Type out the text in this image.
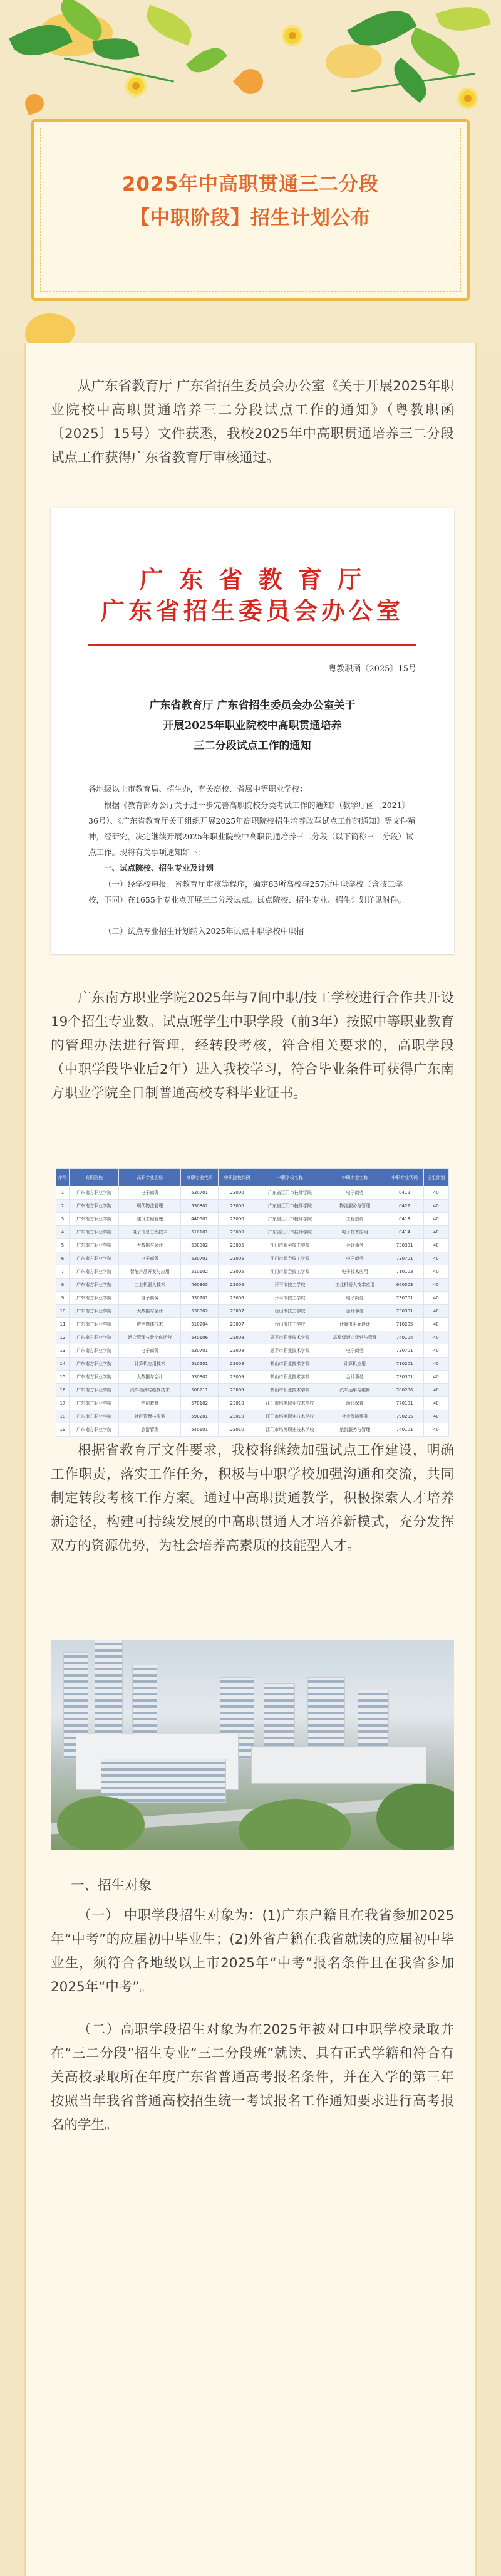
2025年中高职贯通三二分段
【中职阶段】招生计划公布

从广东省教育厅 广东省招生委员会办公室《关于开展2025年职业院校中高职贯通培养三二分段试点工作的通知》（粤教职函〔2025〕15号）文件获悉，我校2025年中高职贯通培养三二分段试点工作获得广东省教育厅审核通过。

广 东 省 教 育 厅
广东省招生委员会办公室
粤教职函〔2025〕15号
广东省教育厅 广东省招生委员会办公室关于
开展2025年职业院校中高职贯通培养
三二分段试点工作的通知
各地级以上市教育局、招生办，有关高校、省属中等职业学校：
根据《教育部办公厅关于进一步完善高职院校分类考试工作的通知》（教学厅函〔2021〕36号）、《广东省教育厅关于组织开展2025年高职院校招生培养改革试点工作的通知》等文件精神，经研究，决定继续开展2025年职业院校中高职贯通培养三二分段（以下简称三二分段）试点工作。现将有关事项通知如下：
一、试点院校、招生专业及计划
（一）经学校申报、省教育厅审核等程序，确定83所高校与257所中职学校（含技工学校，下同）在1655个专业点开展三二分段试点。试点院校、招生专业、招生计划详见附件。
（二）试点专业招生计划纳入2025年试点中职学校中职招

广东南方职业学院2025年与7间中职/技工学校进行合作共开设19个招生专业数。试点班学生中职学段（前3年）按照中等职业教育的管理办法进行管理，经转段考核，符合相关要求的，高职学段（中职学段毕业后2年）进入我校学习，符合毕业条件可获得广东南方职业学院全日制普通高校专科毕业证书。

序号	高职院校	高职专业名称	高职专业代码	中职院校代码	中职学校名称	中职专业名称	中职专业代码	招生计划
1	广东南方职业学院	电子商务	530701	23000	广东省江门市技师学院	电子商务	0412	40
2	广东南方职业学院	现代物流管理	530802	23000	广东省江门市技师学院	物流服务与管理	0422	40
3	广东南方职业学院	建设工程管理	440501	23000	广东省江门市技师学院	工程造价	0413	40
4	广东南方职业学院	电子信息工程技术	510101	23000	广东省江门市技师学院	电子技术应用	0414	40
5	广东南方职业学院	大数据与会计	530302	23005	江门市新会技工学校	会计事务	730301	40
6	广东南方职业学院	电子商务	530701	23005	江门市新会技工学校	电子商务	730701	40
7	广东南方职业学院	智能产品开发与应用	510102	23005	江门市新会技工学校	电子技术应用	710103	40
8	广东南方职业学院	工业机器人技术	460305	23006	开平市技工学校	工业机器人技术应用	660303	40
9	广东南方职业学院	电子商务	530701	23006	开平市技工学校	电子商务	730701	40
10	广东南方职业学院	大数据与会计	530302	23007	台山市技工学校	会计事务	730301	40
11	广东南方职业学院	数字媒体技术	510204	23007	台山市技工学校	计算机平面设计	710205	40
12	广东南方职业学院	酒店管理与数字化运营	540106	23008	恩平市职业技术学校	高星级饭店运营与管理	740104	40
13	广东南方职业学院	电子商务	530701	23008	恩平市职业技术学校	电子商务	730701	40
14	广东南方职业学院	计算机应用技术	510201	23009	鹤山市职业技术学校	计算机应用	710201	40
15	广东南方职业学院	大数据与会计	530302	23009	鹤山市职业技术学校	会计事务	730301	40
16	广东南方职业学院	汽车检测与维修技术	500211	23009	鹤山市职业技术学校	汽车运用与维修	700206	40
17	广东南方职业学院	学前教育	570102	23010	江门市培英职业技术学校	幼儿保育	770101	40
18	广东南方职业学院	社区管理与服务	590201	23010	江门市培英职业技术学校	社会保障事务	790205	40
19	广东南方职业学院	旅游管理	540101	23010	江门市培英职业技术学校	旅游服务与管理	740101	40

根据省教育厅文件要求，我校将继续加强试点工作建设，明确工作职责，落实工作任务，积极与中职学校加强沟通和交流，共同制定转段考核工作方案。通过中高职贯通教学，积极探索人才培养新途径，构建可持续发展的中高职贯通人才培养新模式，充分发挥双方的资源优势，为社会培养高素质的技能型人才。

一、招生对象

（一） 中职学段招生对象为：(1)广东户籍且在我省参加2025年“中考”的应届初中毕业生；(2)外省户籍在我省就读的应届初中毕业生，须符合各地级以上市2025年“中考”报名条件且在我省参加2025年“中考”。

（二）高职学段招生对象为在2025年被对口中职学校录取并在“三二分段”招生专业“三二分段班”就读、具有正式学籍和符合有关高校录取所在年度广东省普通高考报名条件，并在入学的第三年按照当年我省普通高校招生统一考试报名工作通知要求进行高考报名的学生。
